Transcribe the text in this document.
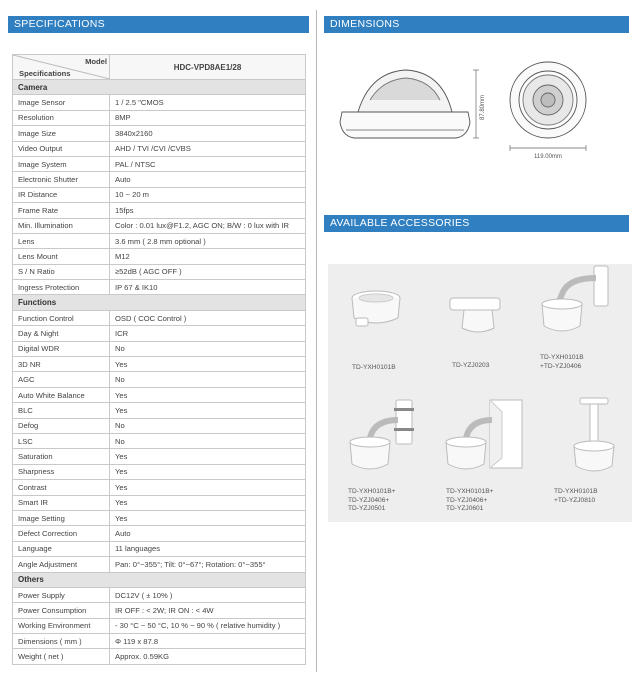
SPECIFICATIONS
Model
Specifications	HDC-VPD8AE1/28
Camera	
Image Sensor	1 / 2.5 "CMOS
Resolution	8MP
Image Size	3840x2160
Video Output	AHD / TVI /CVI /CVBS
Image System	PAL / NTSC
Electronic Shutter	Auto
IR Distance	10 ~ 20 m
Frame Rate	15fps
Min. Illumination	Color : 0.01 lux@F1.2, AGC ON; B/W : 0 lux with IR
Lens	3.6 mm ( 2.8 mm optional )
Lens Mount	M12
S / N Ratio	≥52dB ( AGC OFF )
Ingress Protection	IP 67 & IK10
Functions	
Function Control	OSD ( COC Control )
Day & Night	ICR
Digital WDR	No
3D NR	Yes
AGC	No
Auto White Balance	Yes
BLC	Yes
Defog	No
LSC	No
Saturation	Yes
Sharpness	Yes
Contrast	Yes
Smart IR	Yes
Image Setting	Yes
Defect Correction	Auto
Language	11 languages
Angle Adjustment	Pan: 0°~355°; Tilt: 0°~67°; Rotation: 0°~355°
Others	
Power Supply	DC12V ( ± 10% )
Power Consumption	IR OFF : < 2W; IR ON : < 4W
Working Environment	- 30 °C ~ 50 °C, 10 % ~ 90 % ( relative humidity )
Dimensions ( mm )	Φ 119 x 87.8
Weight ( net )	Approx. 0.59KG
DIMENSIONS
87.80mm
119.00mm
AVAILABLE ACCESSORIES
TD-YXH0101B	TD-YZJ0203
TD-YXH0101B
+TD-YZJ0406
TD-YXH0101B+
TD-YZJ0406+
TD-YZJ0501
TD-YXH0101B+
TD-YZJ0406+
TD-YZJ0601
TD-YXH0101B
+TD-YZJ0810
